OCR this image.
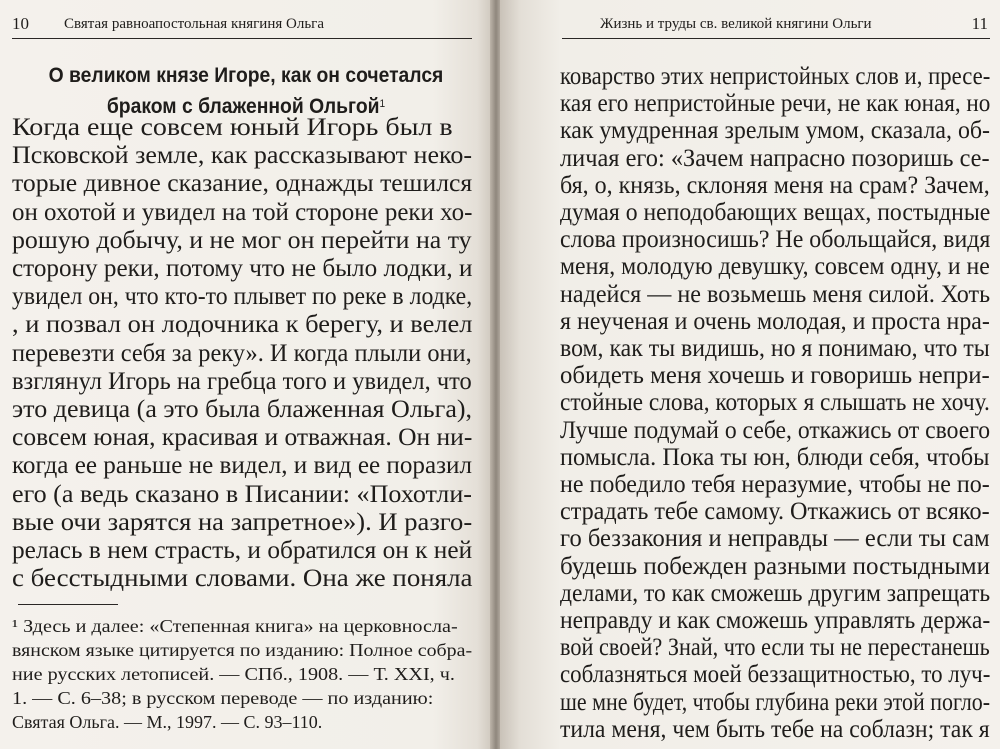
10 Святая равноапостольная княгиня Ольга
О великом князе Игоре, как он сочетался
браком с блаженной Ольгой$^1$
Когда еще совсем юный Игорь был в
Псковской земле, как рассказывают неко-
торые дивное сказание, однажды тешился
он охотой и увидел на той стороне реки хо-
рошую добычу, и не мог он перейти на ту
сторону реки, потому что не было лодки, и
увидел он, что кто-то плывет по реке в лодке,
, и позвал он лодочника к берегу, и велел
перевезти себя за реку». И когда плыли они,
взглянул Игорь на гребца того и увидел, что
это девица (а это была блаженная Ольга),
совсем юная, красивая и отважная. Он ни-
когда ее раньше не видел, и вид ее поразил
его (а ведь сказано в Писании: «Похотли-
вые очи зарятся на запретное»). И разго-
релась в нем страсть, и обратился он к ней
с бесстыдными словами. Она же поняла
¹ Здесь и далее: «Степенная книга» на церковносла-
вянском языке цитируется по изданию: Полное собра-
ние русских летописей. — СПб., 1908. — Т. XXI, ч.
1. — С. 6–38; в русском переводе — по изданию:
Святая Ольга. — М., 1997. — С. 93–110.
Жизнь и труды св. великой княгини Ольги	11
коварство этих непристойных слов и, пресе-
кая его непристойные речи, не как юная, но
как умудренная зрелым умом, сказала, об-
личая его: «Зачем напрасно позоришь се-
бя, о, князь, склоняя меня на срам? Зачем,
думая о неподобающих вещах, постыдные
слова произносишь? Не обольщайся, видя
меня, молодую девушку, совсем одну, и не
надейся — не возьмешь меня силой. Хоть
я неученая и очень молодая, и проста нра-
вом, как ты видишь, но я понимаю, что ты
обидеть меня хочешь и говоришь непри-
стойные слова, которых я слышать не хочу.
Лучше подумай о себе, откажись от своего
помысла. Пока ты юн, блюди себя, чтобы
не победило тебя неразумие, чтобы не по-
страдать тебе самому. Откажись от всяко-
го беззакония и неправды — если ты сам
будешь побежден разными постыдными
делами, то как сможешь другим запрещать
неправду и как сможешь управлять держа-
вой своей? Знай, что если ты не перестанешь
соблазняться моей беззащитностью, то луч-
ше мне будет, чтобы глубина реки этой погло-
тила меня, чем быть тебе на соблазн; так я
